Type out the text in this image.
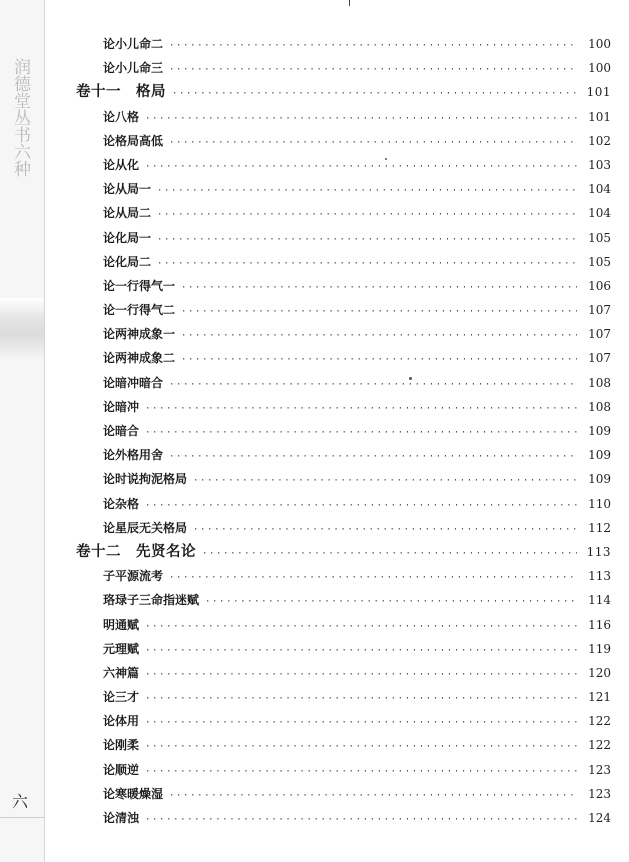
润德堂丛书六种
六
论小儿命二 ·····	100
论小儿命三 ·····	100
卷十一　格局 ·····	101
论八格 ·····	101
论格局高低 ·····	102
论从化 ·····	103
论从局一 ·····	104
论从局二 ·····	104
论化局一 ·····	105
论化局二 ·····	105
论一行得气一 ·····	106
论一行得气二 ·····	107
论两神成象一 ·····	107
论两神成象二 ·····	107
论暗冲暗合 ·····	108
论暗冲 ·····	108
论暗合 ·····	109
论外格用舍 ·····	109
论时说拘泥格局 ·····	109
论杂格 ·····	110
论星辰无关格局 ·····	112
卷十二　先贤名论 ·····	113
子平源流考 ·····	113
珞琭子三命指迷赋 ·····	114
明通赋 ·····	116
元理赋 ·····	119
六神篇 ·····	120
论三才 ·····	121
论体用 ·····	122
论刚柔 ·····	122
论顺逆 ·····	123
论寒暖燥湿 ·····	123
论清浊 ·····	124
